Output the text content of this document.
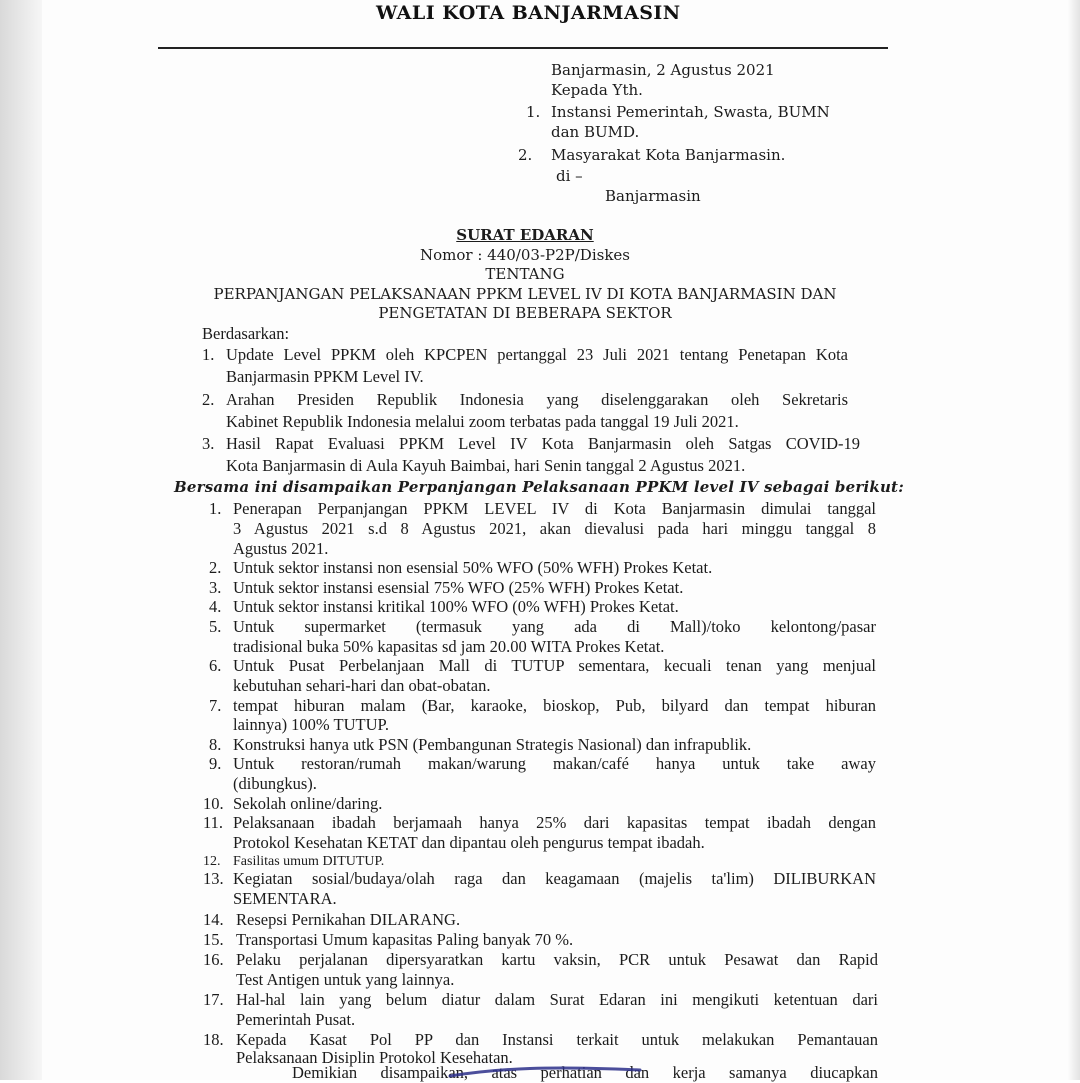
WALI KOTA BANJARMASIN
Banjarmasin, 2 Agustus 2021
Kepada Yth.
1. Instansi Pemerintah, Swasta, BUMN
dan BUMD.
2. Masyarakat Kota Banjarmasin.
di –
Banjarmasin
SURAT EDARAN
Nomor : 440/03-P2P/Diskes
TENTANG
PERPANJANGAN PELAKSANAAN PPKM LEVEL IV DI KOTA BANJARMASIN DAN
PENGETATAN DI BEBERAPA SEKTOR
Berdasarkan:
1. Update Level PPKM oleh KPCPEN pertanggal 23 Juli 2021 tentang Penetapan Kota
Banjarmasin PPKM Level IV.
2. Arahan Presiden Republik Indonesia yang diselenggarakan oleh Sekretaris
Kabinet Republik Indonesia melalui zoom terbatas pada tanggal 19 Juli 2021.
3. Hasil Rapat Evaluasi PPKM Level IV Kota Banjarmasin oleh Satgas COVID-19
Kota Banjarmasin di Aula Kayuh Baimbai, hari Senin tanggal 2 Agustus 2021.
Bersama ini disampaikan Perpanjangan Pelaksanaan PPKM level IV sebagai berikut:
1. Penerapan Perpanjangan PPKM LEVEL IV di Kota Banjarmasin dimulai tanggal
3 Agustus 2021 s.d 8 Agustus 2021, akan dievalusi pada hari minggu tanggal 8
Agustus 2021.
2. Untuk sektor instansi non esensial 50% WFO (50% WFH) Prokes Ketat.
3. Untuk sektor instansi esensial 75% WFO (25% WFH) Prokes Ketat.
4. Untuk sektor instansi kritikal 100% WFO (0% WFH) Prokes Ketat.
5. Untuk supermarket (termasuk yang ada di Mall)/toko kelontong/pasar
tradisional buka 50% kapasitas sd jam 20.00 WITA Prokes Ketat.
6. Untuk Pusat Perbelanjaan Mall di TUTUP sementara, kecuali tenan yang menjual
kebutuhan sehari-hari dan obat-obatan.
7. tempat hiburan malam (Bar, karaoke, bioskop, Pub, bilyard dan tempat hiburan
lainnya) 100% TUTUP.
8. Konstruksi hanya utk PSN (Pembangunan Strategis Nasional) dan infrapublik.
9. Untuk restoran/rumah makan/warung makan/café hanya untuk take away
(dibungkus).
10. Sekolah online/daring.
11. Pelaksanaan ibadah berjamaah hanya 25% dari kapasitas tempat ibadah dengan
Protokol Kesehatan KETAT dan dipantau oleh pengurus tempat ibadah.
12. Fasilitas umum DITUTUP.
13. Kegiatan sosial/budaya/olah raga dan keagamaan (majelis ta'lim) DILIBURKAN
SEMENTARA.
14. Resepsi Pernikahan DILARANG.
15. Transportasi Umum kapasitas Paling banyak 70 %.
16. Pelaku perjalanan dipersyaratkan kartu vaksin, PCR untuk Pesawat dan Rapid
Test Antigen untuk yang lainnya.
17. Hal-hal lain yang belum diatur dalam Surat Edaran ini mengikuti ketentuan dari
Pemerintah Pusat.
18. Kepada Kasat Pol PP dan Instansi terkait untuk melakukan Pemantauan
Pelaksanaan Disiplin Protokol Kesehatan.
Demikian disampaikan, atas perhatian dan kerja samanya diucapkan
